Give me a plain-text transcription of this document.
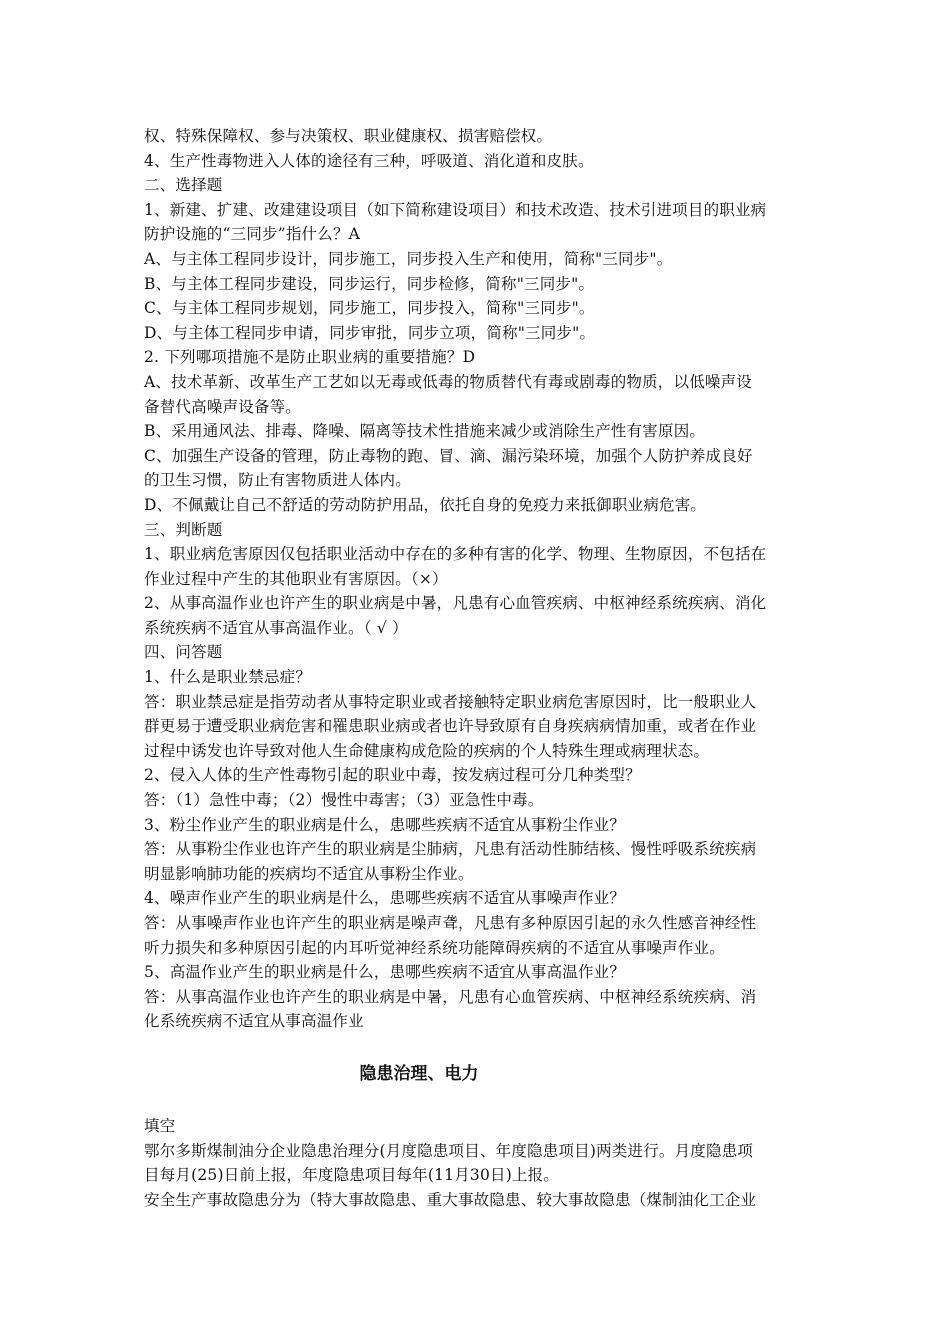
权、特殊保障权、参与决策权、职业健康权、损害赔偿权。
4、生产性毒物进入人体的途径有三种，呼吸道、消化道和皮肤。
二、选择题
1、新建、扩建、改建建设项目（如下简称建设项目）和技术改造、技术引进项目的职业病
防护设施的“三同步”指什么？A
A、与主体工程同步设计，同步施工，同步投入生产和使用，简称"三同步"。
B、与主体工程同步建设，同步运行，同步检修，简称"三同步"。
C、与主体工程同步规划，同步施工，同步投入，简称"三同步"。
D、与主体工程同步申请，同步审批，同步立项，简称"三同步"。
2. 下列哪项措施不是防止职业病的重要措施？D
A、技术革新、改革生产工艺如以无毒或低毒的物质替代有毒或剧毒的物质，以低噪声设
备替代高噪声设备等。
B、采用通风法、排毒、降噪、隔离等技术性措施来减少或消除生产性有害原因。
C、加强生产设备的管理，防止毒物的跑、冒、滴、漏污染环境，加强个人防护养成良好
的卫生习惯，防止有害物质进人体内。
D、不佩戴让自己不舒适的劳动防护用品，依托自身的免疫力来抵御职业病危害。
三、判断题
1、职业病危害原因仅包括职业活动中存在的多种有害的化学、物理、生物原因，不包括在
作业过程中产生的其他职业有害原因。（×）
2、从事高温作业也许产生的职业病是中暑，凡患有心血管疾病、中枢神经系统疾病、消化
系统疾病不适宜从事高温作业。（ √ ）
四、问答题
1、什么是职业禁忌症？
答：职业禁忌症是指劳动者从事特定职业或者接触特定职业病危害原因时，比一般职业人
群更易于遭受职业病危害和罹患职业病或者也许导致原有自身疾病病情加重，或者在作业
过程中诱发也许导致对他人生命健康构成危险的疾病的个人特殊生理或病理状态。
2、侵入人体的生产性毒物引起的职业中毒，按发病过程可分几种类型？
答：（1）急性中毒；（2）慢性中毒害；（3）亚急性中毒。
3、粉尘作业产生的职业病是什么，患哪些疾病不适宜从事粉尘作业？
答：从事粉尘作业也许产生的职业病是尘肺病，凡患有活动性肺结核、慢性呼吸系统疾病
明显影响肺功能的疾病均不适宜从事粉尘作业。
4、噪声作业产生的职业病是什么，患哪些疾病不适宜从事噪声作业？
答：从事噪声作业也许产生的职业病是噪声聋，凡患有多种原因引起的永久性感音神经性
听力损失和多种原因引起的内耳听觉神经系统功能障碍疾病的不适宜从事噪声作业。
5、高温作业产生的职业病是什么，患哪些疾病不适宜从事高温作业？
答：从事高温作业也许产生的职业病是中暑，凡患有心血管疾病、中枢神经系统疾病、消
化系统疾病不适宜从事高温作业
隐患治理、电力
填空
鄂尔多斯煤制油分企业隐患治理分(月度隐患项目、年度隐患项目)两类进行。月度隐患项
目每月(25)日前上报，年度隐患项目每年(11月30日)上报。
安全生产事故隐患分为（特大事故隐患、重大事故隐患、较大事故隐患（煤制油化工企业
